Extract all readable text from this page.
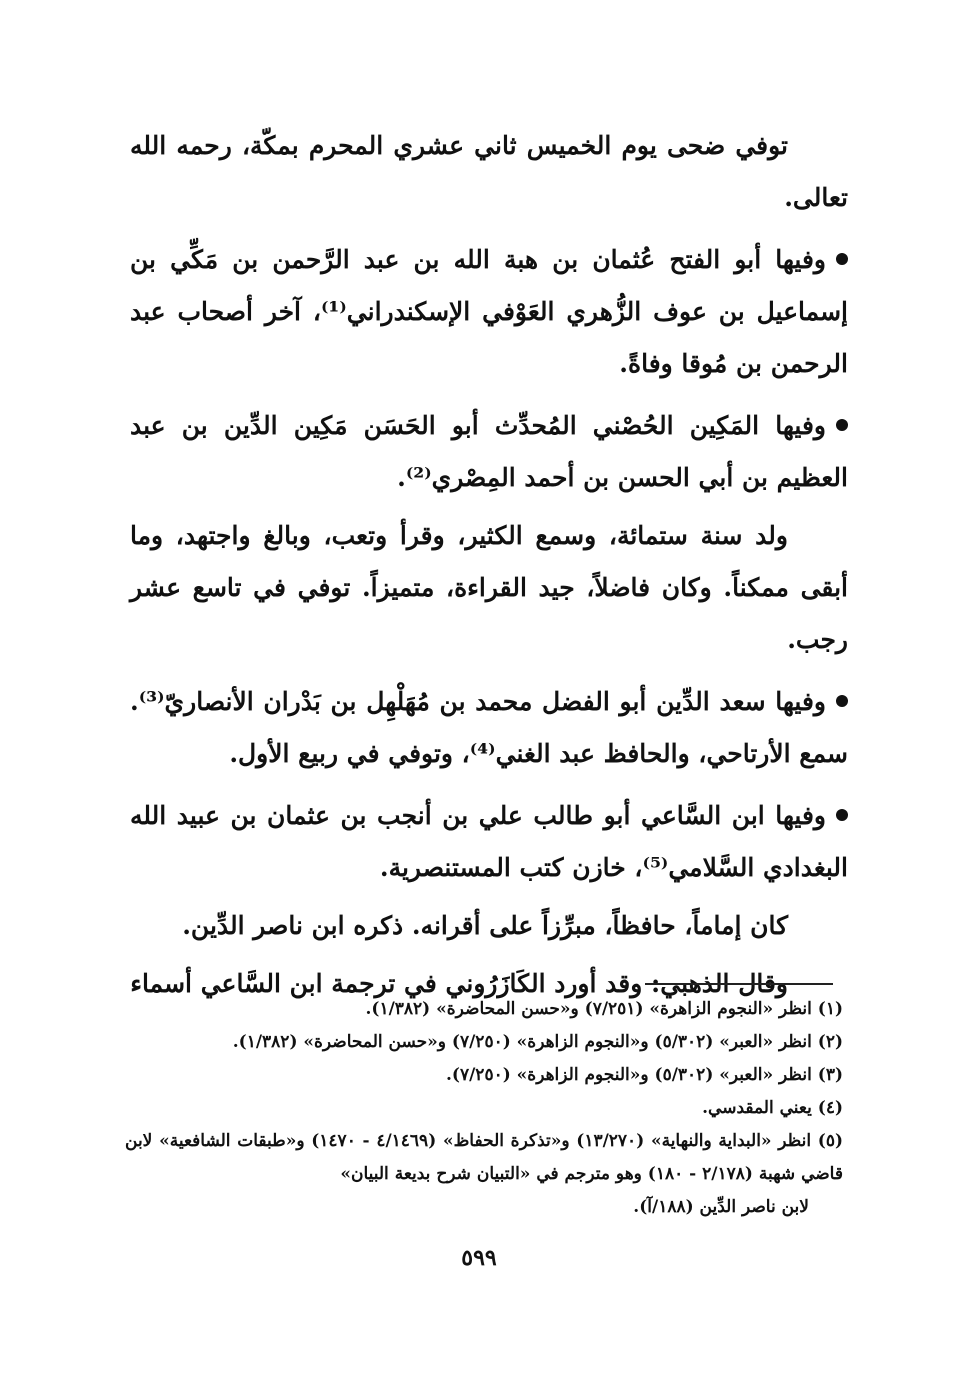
توفي ضحى يوم الخميس ثاني عشري المحرم بمكّة، رحمه الله تعالى.

وفيها أبو الفتح عُثمان بن هبة الله بن عبد الرَّحمن بن مَكِّي بن إسماعيل بن عوف الزُّهري العَوْفي الإسكندراني⁽¹⁾، آخر أصحاب عبد الرحمن بن مُوقا وفاةً.

وفيها المَكِين الحُصْني المُحدِّث أبو الحَسَن مَكِين الدِّين بن عبد العظيم بن أبي الحسن بن أحمد المِصْري⁽²⁾.

ولد سنة ستمائة، وسمع الكثير، وقرأ وتعب، وبالغ واجتهد، وما أبقى ممكناً. وكان فاضلاً، جيد القراءة، متميزاً. توفي في تاسع عشر رجب.

وفيها سعد الدِّين أبو الفضل محمد بن مُهَلْهِل بن بَدْران الأنصاريّ⁽³⁾. سمع الأرتاحي، والحافظ عبد الغني⁽⁴⁾، وتوفي في ربيع الأول.

وفيها ابن السَّاعي أبو طالب علي بن أنجب بن عثمان بن عبيد الله البغدادي السَّلامي⁽⁵⁾، خازن كتب المستنصرية.

كان إماماً، حافظاً، مبرِّزاً على أقرانه. ذكره ابن ناصر الدِّين.

وقال الذهبي: وقد أورد الكَازَرُوني في ترجمة ابن السَّاعي أسماء

(١) انظر «النجوم الزاهرة» (٧/٢٥١) و«حسن المحاضرة» (١/٣٨٢).

(٢) انظر «العبر» (٥/٣٠٢) و«النجوم الزاهرة» (٧/٢٥٠) و«حسن المحاضرة» (١/٣٨٢).

(٣) انظر «العبر» (٥/٣٠٢) و«النجوم الزاهرة» (٧/٢٥٠).

(٤) يعني المقدسي.

(٥) انظر «البداية والنهاية» (١٣/٢٧٠) و«تذكرة الحفاظ» (٤/١٤٦٩ - ١٤٧٠) و«طبقات الشافعية» لابن قاضي شهبة (٢/١٧٨ - ١٨٠) وهو مترجم في «التبيان شرح بديعة البيان»

لابن ناصر الدِّين (١٨٨/آ).

٥٩٩
